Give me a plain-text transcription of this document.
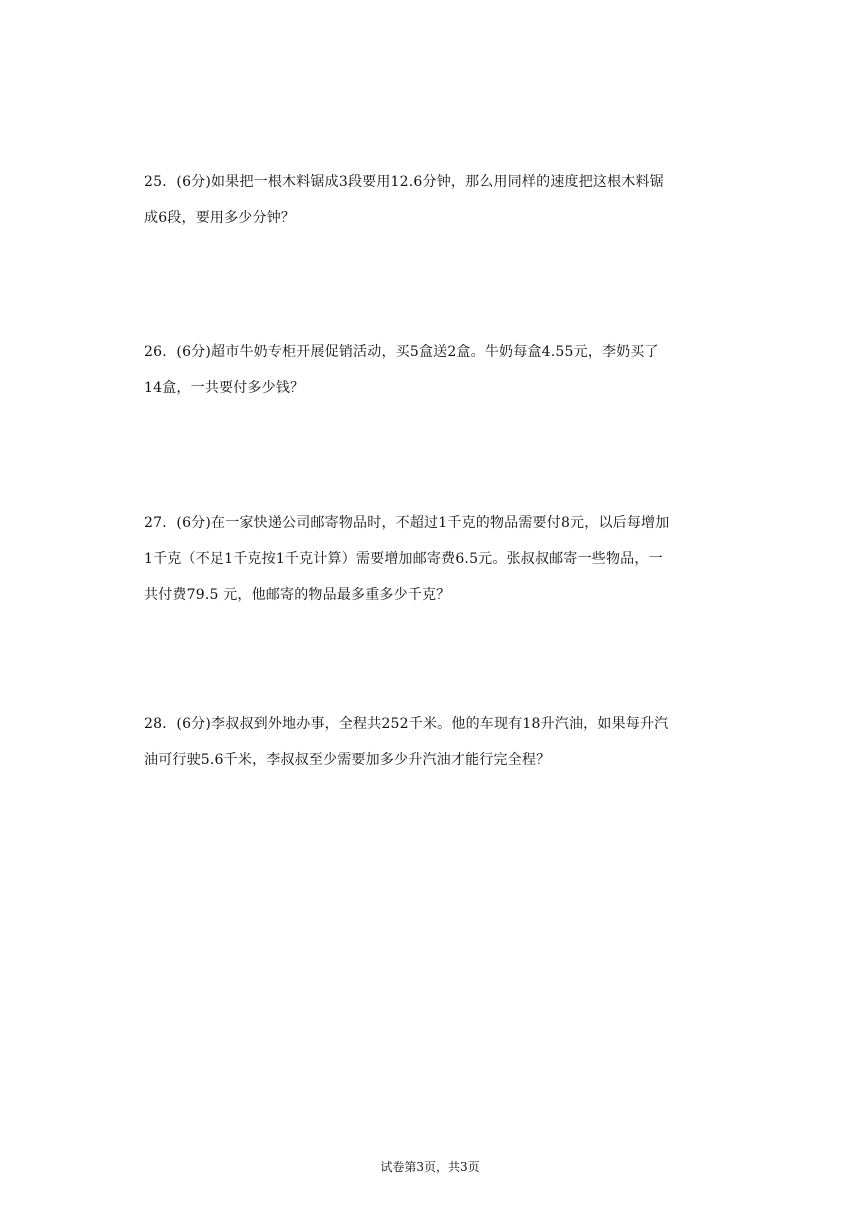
25．(6分)如果把一根木料锯成3段要用12.6分钟，那么用同样的速度把这根木料锯

成6段，要用多少分钟？

26．(6分)超市牛奶专柜开展促销活动，买5盒送2盒。牛奶每盒4.55元，李奶买了

14盒，一共要付多少钱？

27．(6分)在一家快递公司邮寄物品时，不超过1千克的物品需要付8元，以后每增加

1千克（不足1千克按1千克计算）需要增加邮寄费6.5元。张叔叔邮寄一些物品，一

共付费79.5 元，他邮寄的物品最多重多少千克？

28．(6分)李叔叔到外地办事，全程共252千米。他的车现有18升汽油，如果每升汽

油可行驶5.6千米，李叔叔至少需要加多少升汽油才能行完全程？

试卷第3页，共3页
